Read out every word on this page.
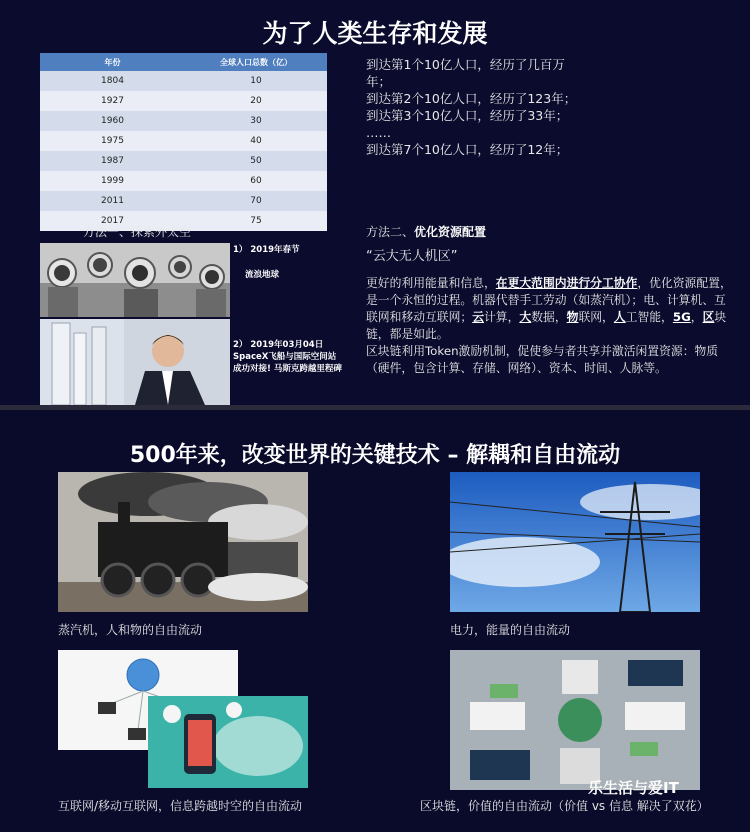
为了人类生存和发展
年份	全球人口总数（亿）
1804	10
1927	20
1960	30
1975	40
1987	50
1999	60
2011	70
2017	75
到达第1个10亿人口，经历了几百万
年；
到达第2个10亿人口，经历了123年；
到达第3个10亿人口，经历了33年；
……
到达第7个10亿人口，经历了12年；
方法一、探索外太空
1） 2019年春节
流浪地球
2） 2019年03月04日 SpaceX飞船与国际空间站成功对接! 马斯克跨越里程碑
方法二、优化资源配置
“云大无人机区”
更好的利用能量和信息，在更大范围内进行分工协作，优化资源配置，是一个永恒的过程。机器代替手工劳动（如蒸汽机）；电、计算机、互联网和移动互联网；云计算，大数据，物联网，人工智能，5G，区块链，都是如此。
区块链利用Token激励机制，促使参与者共享并激活闲置资源：物质（硬件，包含计算、存储、网络）、资本、时间、人脉等。
500年来，改变世界的关键技术 – 解耦和自由流动
蒸汽机，人和物的自由流动	电力，能量的自由流动
互联网/移动互联网，信息跨越时空的自由流动	区块链，价值的自由流动（价值 vs 信息 解决了双花）
乐生活与爱IT
